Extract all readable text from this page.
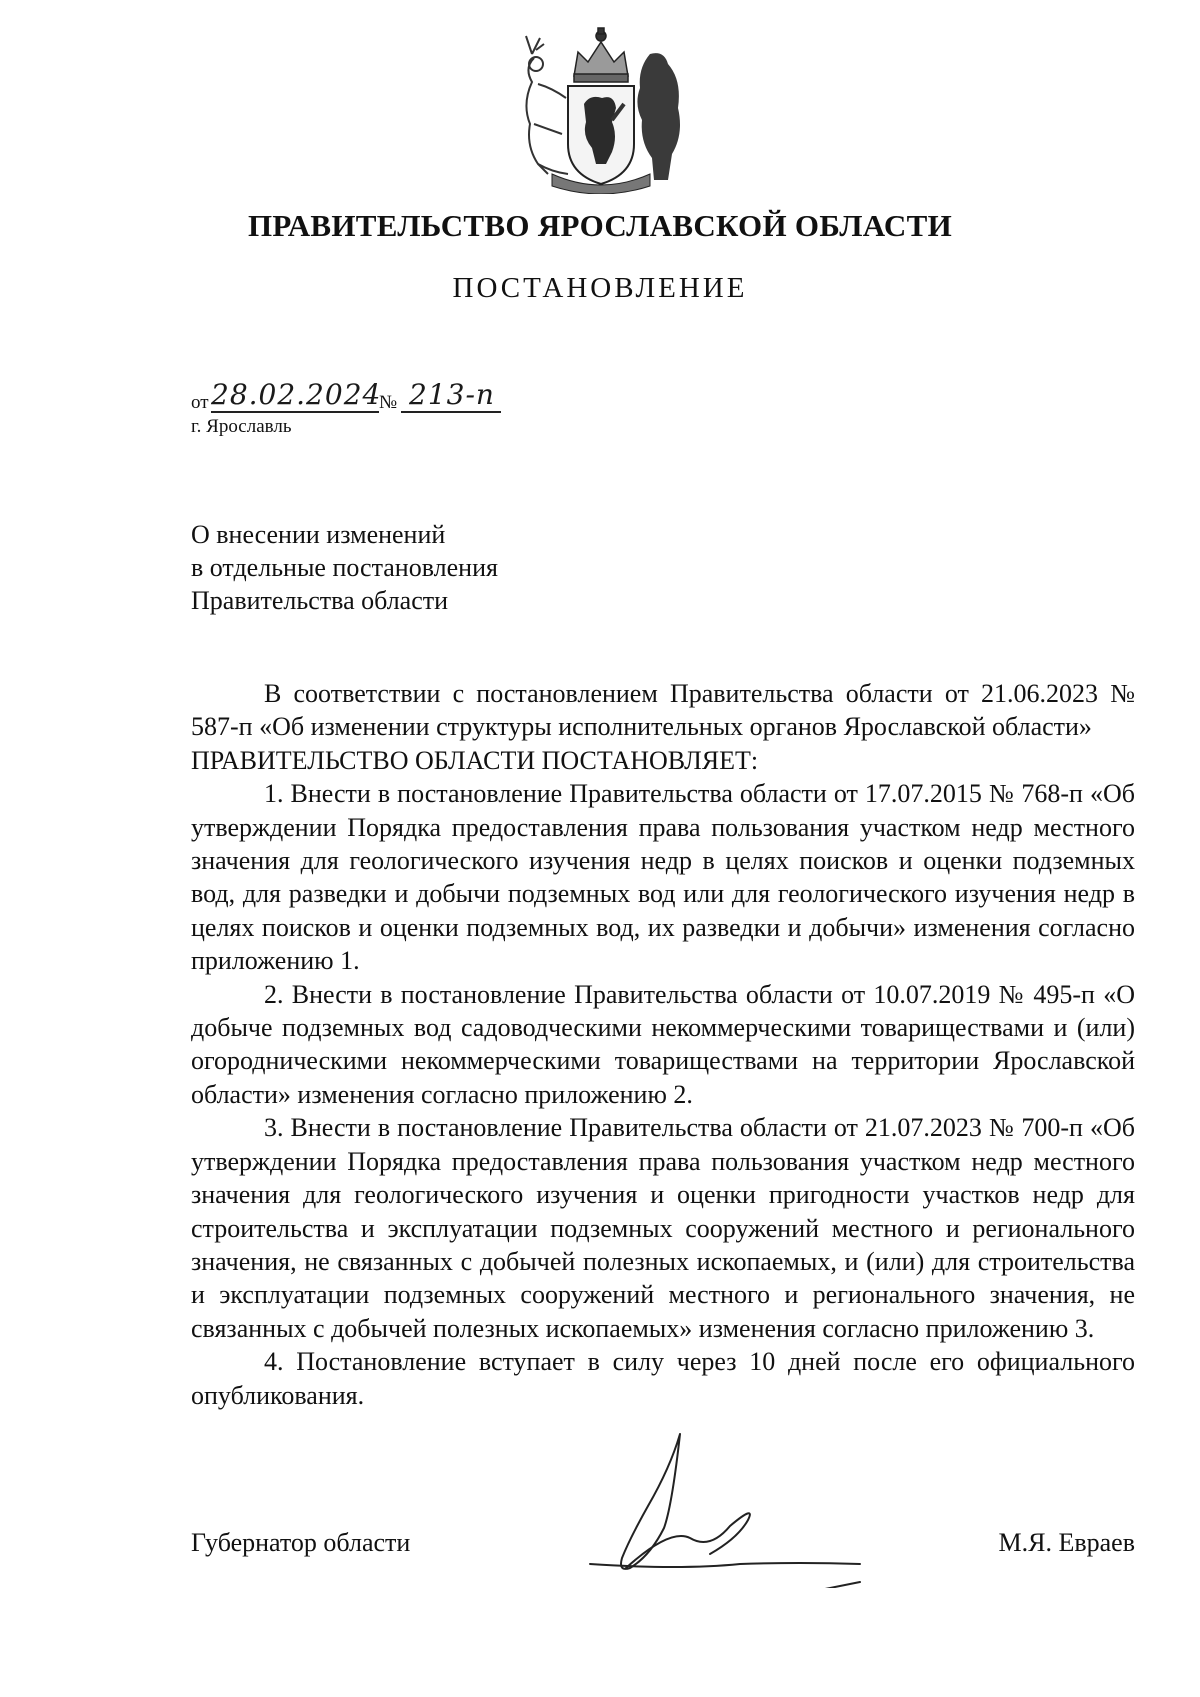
ПРАВИТЕЛЬСТВО ЯРОСЛАВСКОЙ ОБЛАСТИ
ПОСТАНОВЛЕНИЕ
от 28.02.2024
№ 213-п
г. Ярославль
О внесении изменений
в отдельные постановления
Правительства области

В соответствии с постановлением Правительства области от 21.06.2023 № 587-п «Об изменении структуры исполнительных органов Ярославской области»

ПРАВИТЕЛЬСТВО ОБЛАСТИ ПОСТАНОВЛЯЕТ:

1. Внести в постановление Правительства области от 17.07.2015 № 768-п «Об утверждении Порядка предоставления права пользования участком недр местного значения для геологического изучения недр в целях поисков и оценки подземных вод, для разведки и добычи подземных вод или для геологического изучения недр в целях поисков и оценки подземных вод, их разведки и добычи» изменения согласно приложению 1.

2. Внести в постановление Правительства области от 10.07.2019 № 495-п «О добыче подземных вод садоводческими некоммерческими товариществами и (или) огородническими некоммерческими товариществами на территории Ярославской области» изменения согласно приложению 2.

3. Внести в постановление Правительства области от 21.07.2023 № 700-п «Об утверждении Порядка предоставления права пользования участком недр местного значения для геологического изучения и оценки пригодности участков недр для строительства и эксплуатации подземных сооружений местного и регионального значения, не связанных с добычей полезных ископаемых, и (или) для строительства и эксплуатации подземных сооружений местного и регионального значения, не связанных с добычей полезных ископаемых» изменения согласно приложению 3.

4. Постановление вступает в силу через 10 дней после его официального опубликования.

Губернатор области	М.Я. Евраев
